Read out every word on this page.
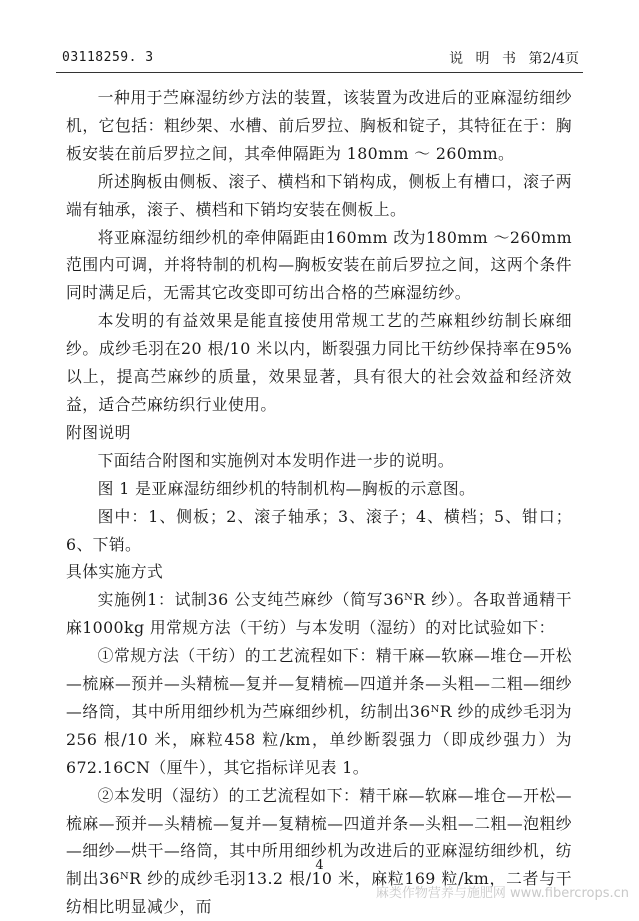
03118259. 3	说 明 书 第2/4页

一种用于苎麻湿纺纱方法的装置，该装置为改进后的亚麻湿纺细纱机，它包括：粗纱架、水槽、前后罗拉、胸板和锭子，其特征在于：胸板安装在前后罗拉之间，其牵伸隔距为 180mm ～ 260mm。

所述胸板由侧板、滚子、横档和下销构成，侧板上有槽口，滚子两端有轴承，滚子、横档和下销均安装在侧板上。

将亚麻湿纺细纱机的牵伸隔距由160mm 改为180mm ～260mm 范围内可调，并将特制的机构—胸板安装在前后罗拉之间，这两个条件同时满足后，无需其它改变即可纺出合格的苎麻湿纺纱。

本发明的有益效果是能直接使用常规工艺的苎麻粗纱纺制长麻细纱。成纱毛羽在20 根/10 米以内，断裂强力同比干纺纱保持率在95% 以上，提高苎麻纱的质量，效果显著，具有很大的社会效益和经济效益，适合苎麻纺织行业使用。

附图说明

下面结合附图和实施例对本发明作进一步的说明。

图 1 是亚麻湿纺细纱机的特制机构—胸板的示意图。

图中：1、侧板；2、滚子轴承；3、滚子；4、横档；5、钳口；6、下销。

具体实施方式

实施例1：试制36 公支纯苎麻纱（简写36ᴺR 纱）。各取普通精干麻1000kg 用常规方法（干纺）与本发明（湿纺）的对比试验如下：

①常规方法（干纺）的工艺流程如下：精干麻—软麻—堆仓—开松—梳麻—预并—头精梳—复并—复精梳—四道并条—头粗—二粗—细纱—络筒，其中所用细纱机为苎麻细纱机，纺制出36ᴺR 纱的成纱毛羽为256 根/10 米，麻粒458 粒/km，单纱断裂强力（即成纱强力）为672.16CN（厘牛），其它指标详见表 1。

②本发明（湿纺）的工艺流程如下：精干麻—软麻—堆仓—开松—梳麻—预并—头精梳—复并—复精梳—四道并条—头粗—二粗—泡粗纱—细纱—烘干—络筒，其中所用细纱机为改进后的亚麻湿纺细纱机，纺制出36ᴺR 纱的成纱毛羽13.2 根/10 米，麻粒169 粒/km，二者与干纺相比明显减少，而

4
麻类作物营养与施肥网 www.fibercrops.cn
